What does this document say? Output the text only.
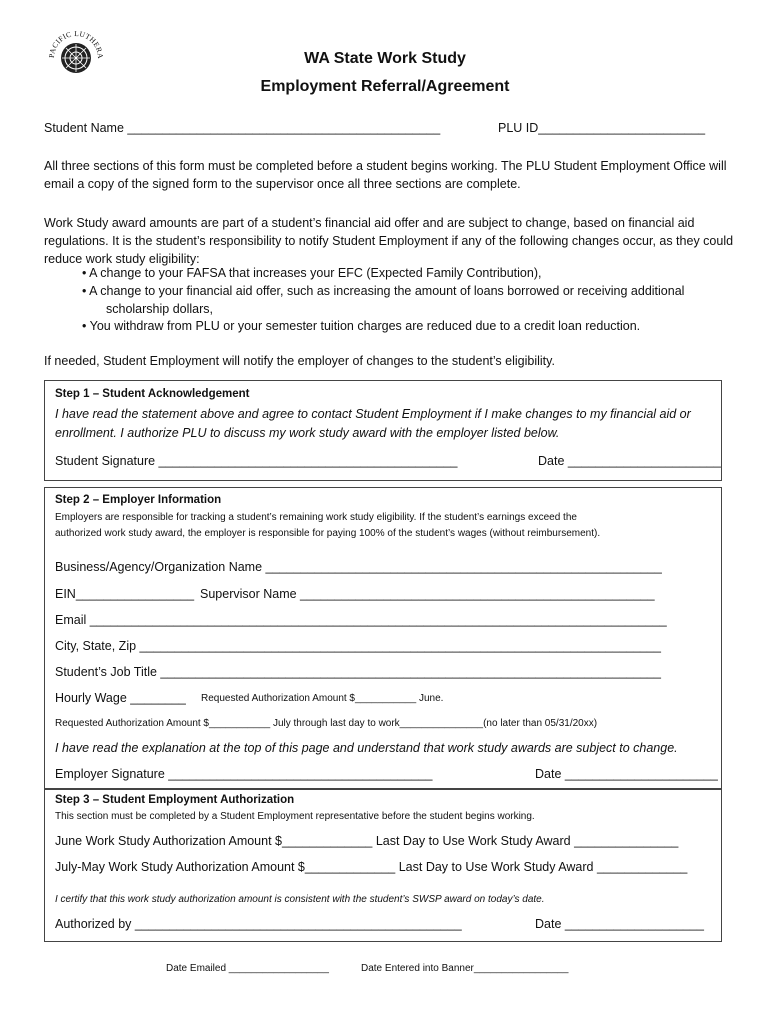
PACIFIC LUTHERA	WA State Work Study
Employment Referral/Agreement
Student Name _____________________________________________	PLU ID________________________
All three sections of this form must be completed before a student begins working. The PLU Student Employment Office will email a copy of the signed form to the supervisor once all three sections are complete.
Work Study award amounts are part of a student’s financial aid offer and are subject to change, based on financial aid regulations. It is the student’s responsibility to notify Student Employment if any of the following changes occur, as they could reduce work study eligibility:
• A change to your FAFSA that increases your EFC (Expected Family Contribution),
• A change to your financial aid offer, such as increasing the amount of loans borrowed or receiving additional
scholarship dollars,
• You withdraw from PLU or your semester tuition charges are reduced due to a credit loan reduction.
If needed, Student Employment will notify the employer of changes to the student’s eligibility.
Step 1 – Student Acknowledgement
I have read the statement above and agree to contact Student Employment if I make changes to my financial aid or
enrollment. I authorize PLU to discuss my work study award with the employer listed below.
Student Signature ___________________________________________	Date ______________________
Step 2 – Employer Information
Employers are responsible for tracking a student’s remaining work study eligibility. If the student’s earnings exceed the
authorized work study award, the employer is responsible for paying 100% of the student’s wages (without reimbursement).
Business/Agency/Organization Name _________________________________________________________
EIN_________________ Supervisor Name ___________________________________________________
Email ___________________________________________________________________________________
City, State, Zip ___________________________________________________________________________
Student’s Job Title ________________________________________________________________________
Hourly Wage ________ Requested Authorization Amount $___________ June.
Requested Authorization Amount $___________ July through last day to work_______________(no later than 05/31/20xx)
I have read the explanation at the top of this page and understand that work study awards are subject to change.
Employer Signature ______________________________________	Date ______________________
Step 3 – Student Employment Authorization
This section must be completed by a Student Employment representative before the student begins working.
June Work Study Authorization Amount $_____________ Last Day to Use Work Study Award _______________
July-May Work Study Authorization Amount $_____________ Last Day to Use Work Study Award _____________
I certify that this work study authorization amount is consistent with the student’s SWSP award on today’s date.
Authorized by _______________________________________________	Date ____________________
Date Emailed __________________	Date Entered into Banner_________________
